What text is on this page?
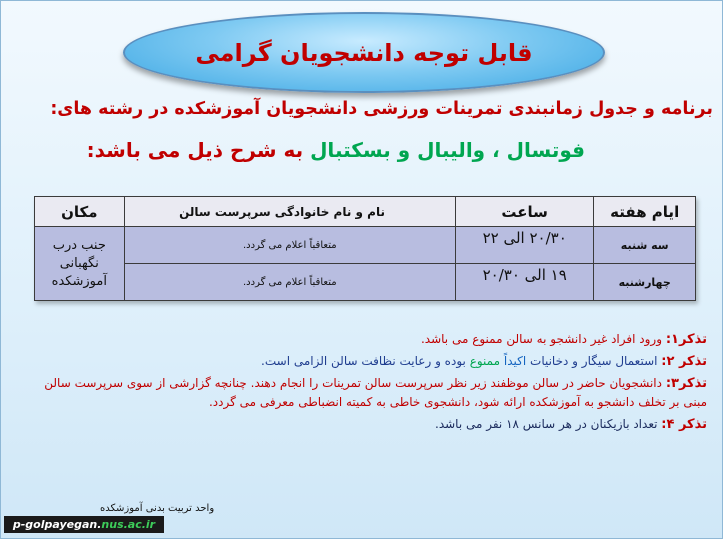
قابل توجه دانشجویان گرامی
برنامه و جدول زمانبندی تمرینات ورزشی دانشجویان آموزشکده در رشته های:
فوتسال ، والیبال و بسکتبال به شرح ذیل می باشد:
ایام هفته	ساعت	نام و نام خانوادگی سرپرست سالن	مکان
سه شنبه	۲۰/۳۰ الی ۲۲	متعاقباً اعلام می گردد.	جنب درب نگهبانی آموزشکده
چهارشنبه	۱۹ الی ۲۰/۳۰	متعاقباً اعلام می گردد.	

تذکر۱: ورود افراد غیر دانشجو به سالن ممنوع می باشد.

تذکر ۲: استعمال سیگار و دخانیات اکیداً ممنوع بوده و رعایت نظافت سالن الزامی است.

تذکر۳: دانشجویان حاضر در سالن موظفند زیر نظر سرپرست سالن تمرینات را انجام دهند. چنانچه گزارشی از سوی سرپرست سالن مبنی بر تخلف دانشجو به آموزشکده ارائه شود، دانشجوی خاطی به کمیته انضباطی معرفی می گردد.

تذکر ۴: تعداد بازیکنان در هر سانس ۱۸ نفر می باشد.

واحد تربیت بدنی آموزشکده
p-golpayegan. nus.ac.ir
